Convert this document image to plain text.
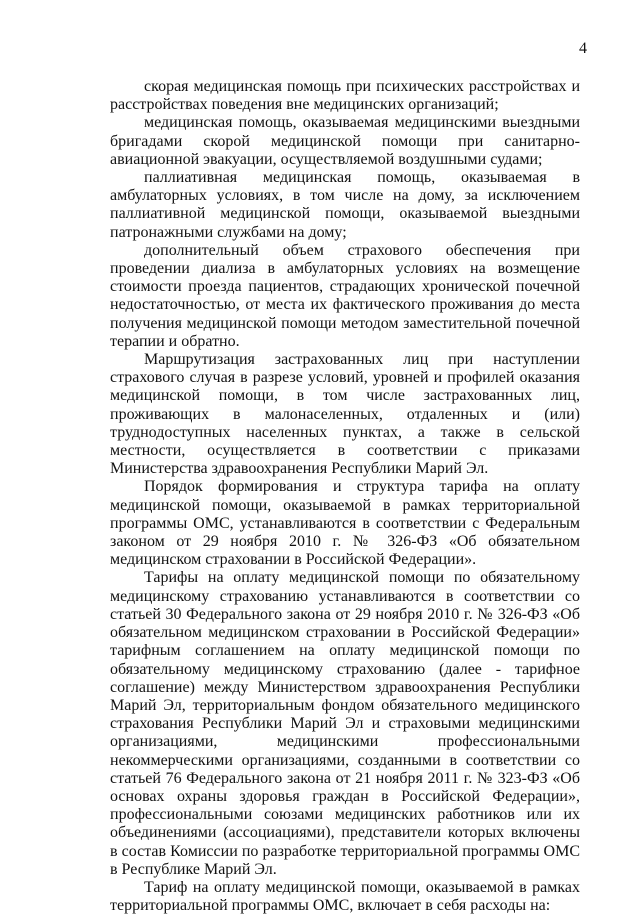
4

скорая медицинская помощь при психических расстройствах и расстройствах поведения вне медицинских организаций;

медицинская помощь, оказываемая медицинскими выездными бригадами скорой медицинской помощи при санитарно-авиационной эвакуации, осуществляемой воздушными судами;

паллиативная медицинская помощь, оказываемая в амбулаторных условиях, в том числе на дому, за исключением паллиативной медицинской помощи, оказываемой выездными патронажными службами на дому;

дополнительный объем страхового обеспечения при проведении диализа в амбулаторных условиях на возмещение стоимости проезда пациентов, страдающих хронической почечной недостаточностью, от места их фактического проживания до места получения медицинской помощи методом заместительной почечной терапии и обратно.

Маршрутизация застрахованных лиц при наступлении страхового случая в разрезе условий, уровней и профилей оказания медицинской помощи, в том числе застрахованных лиц, проживающих в малонаселенных, отдаленных и (или) труднодоступных населенных пунктах, а также в сельской местности, осуществляется в соответствии с приказами Министерства здравоохранения Республики Марий Эл.

Порядок формирования и структура тарифа на оплату медицинской помощи, оказываемой в рамках территориальной программы ОМС, устанавливаются в соответствии с Федеральным законом от 29 ноября 2010 г. № 326-ФЗ «Об обязательном медицинском страховании в Российской Федерации».

Тарифы на оплату медицинской помощи по обязательному медицинскому страхованию устанавливаются в соответствии со статьей 30 Федерального закона от 29 ноября 2010 г. № 326-ФЗ «Об обязательном медицинском страховании в Российской Федерации» тарифным соглашением на оплату медицинской помощи по обязательному медицинскому страхованию (далее - тарифное соглашение) между Министерством здравоохранения Республики Марий Эл, территориальным фондом обязательного медицинского страхования Республики Марий Эл и страховыми медицинскими организациями, медицинскими профессиональными некоммерческими организациями, созданными в соответствии со статьей 76 Федерального закона от 21 ноября 2011 г. № 323-ФЗ «Об основах охраны здоровья граждан в Российской Федерации», профессиональными союзами медицинских работников или их объединениями (ассоциациями), представители которых включены в состав Комиссии по разработке территориальной программы ОМС в Республике Марий Эл.

Тариф на оплату медицинской помощи, оказываемой в рамках территориальной программы ОМС, включает в себя расходы на:
